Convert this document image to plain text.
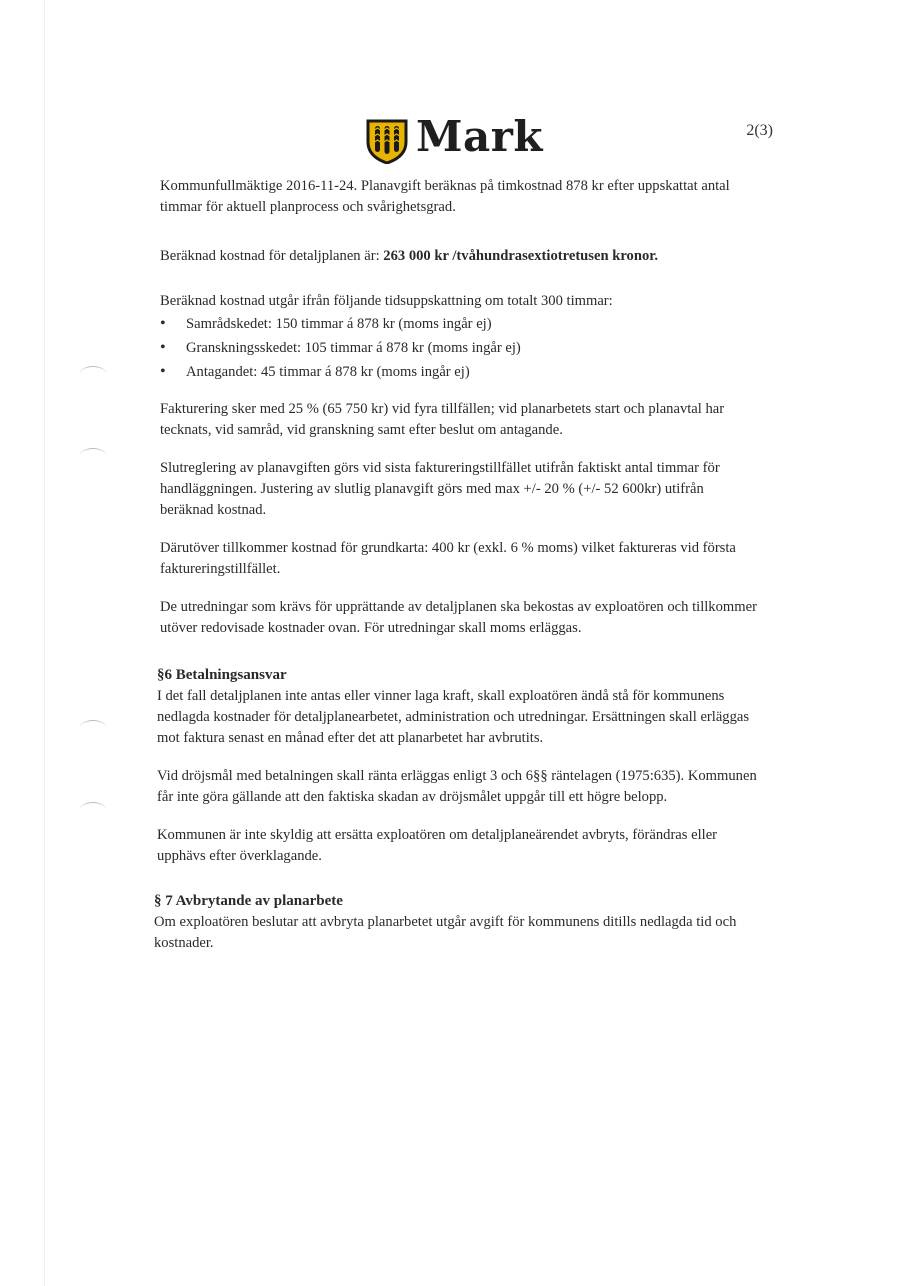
Mark	2(3)

Kommunfullmäktige 2016-11-24. Planavgift beräknas på timkostnad 878 kr efter uppskattat antal timmar för aktuell planprocess och svårighetsgrad.

Beräknad kostnad för detaljplanen är: 263 000 kr /tvåhundrasextiotretusen kronor.

Beräknad kostnad utgår ifrån följande tidsuppskattning om totalt 300 timmar:

• Samrådskedet: 150 timmar á 878 kr (moms ingår ej)
• Granskningsskedet: 105 timmar á 878 kr (moms ingår ej)
• Antagandet: 45 timmar á 878 kr (moms ingår ej)

Fakturering sker med 25 % (65 750 kr) vid fyra tillfällen; vid planarbetets start och planavtal har tecknats, vid samråd, vid granskning samt efter beslut om antagande.

Slutreglering av planavgiften görs vid sista faktureringstillfället utifrån faktiskt antal timmar för handläggningen. Justering av slutlig planavgift görs med max +/- 20 % (+/- 52 600kr) utifrån beräknad kostnad.

Därutöver tillkommer kostnad för grundkarta: 400 kr (exkl. 6 % moms) vilket faktureras vid första faktureringstillfället.

De utredningar som krävs för upprättande av detaljplanen ska bekostas av exploatören och tillkommer utöver redovisade kostnader ovan. För utredningar skall moms erläggas.

§6 Betalningsansvar

I det fall detaljplanen inte antas eller vinner laga kraft, skall exploatören ändå stå för kommunens nedlagda kostnader för detaljplanearbetet, administration och utredningar. Ersättningen skall erläggas mot faktura senast en månad efter det att planarbetet har avbrutits.

Vid dröjsmål med betalningen skall ränta erläggas enligt 3 och 6§§ räntelagen (1975:635). Kommunen får inte göra gällande att den faktiska skadan av dröjsmålet uppgår till ett högre belopp.

Kommunen är inte skyldig att ersätta exploatören om detaljplaneärendet avbryts, förändras eller upphävs efter överklagande.

§ 7 Avbrytande av planarbete

Om exploatören beslutar att avbryta planarbetet utgår avgift för kommunens ditills nedlagda tid och kostnader.
